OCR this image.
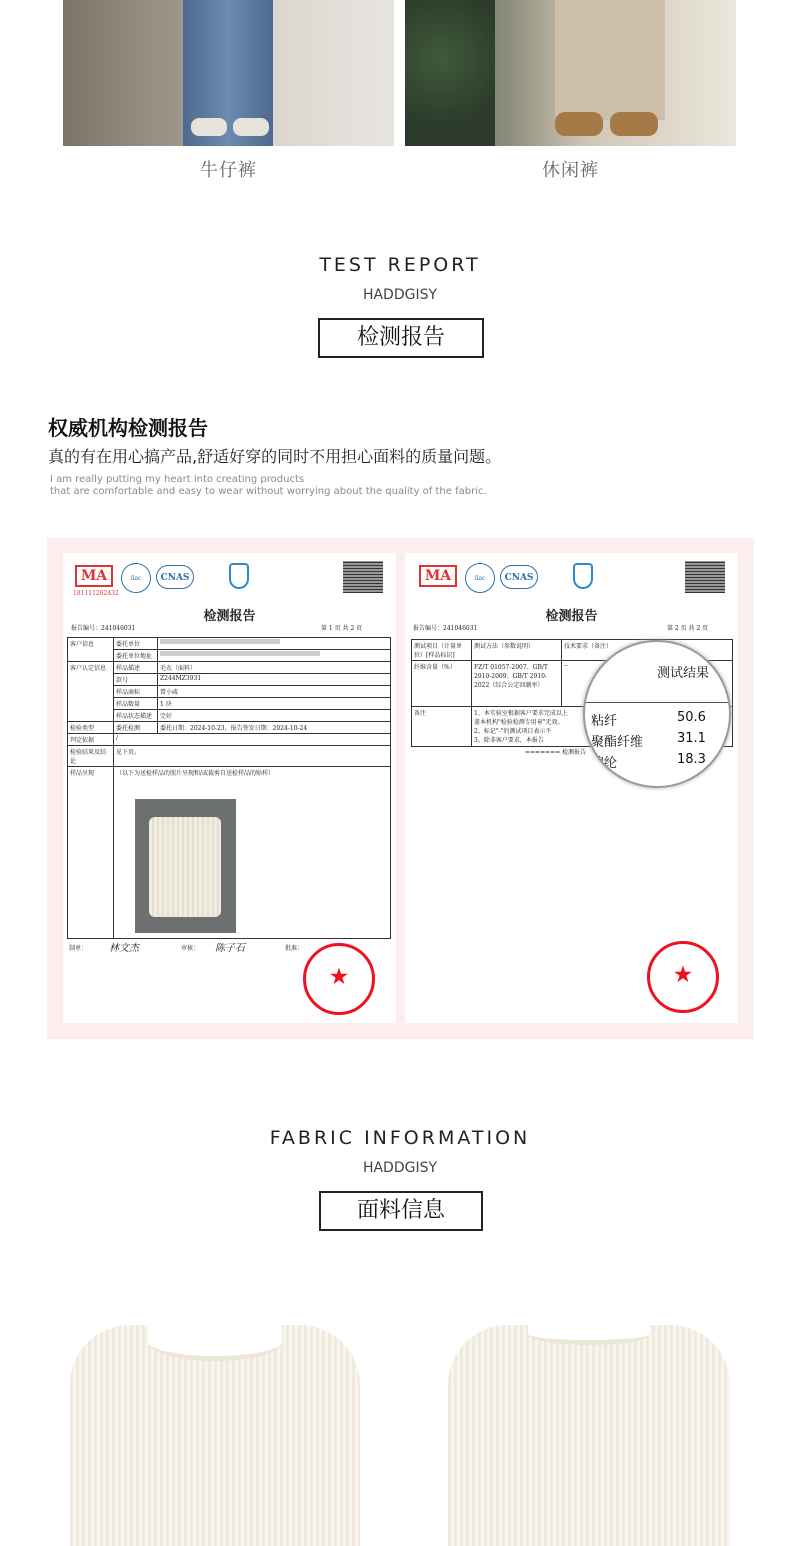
牛仔裤	休闲裤
TEST REPORT
HADDGISY
检测报告
权威机构检测报告
真的有在用心搞产品,舒适好穿的同时不用担心面料的质量问题。
I am really putting my heart into creating products
that are comfortable and easy to wear without worrying about the quality of the fabric.
MA
181111262432
ilac	CNAS
检测报告
报告编号：241046031	第 1 页 共 2 页
客户信息	委托单位	
	委托单位地址	
客户认定信息	样品描述	毛衣（面料）
	款号	Z244MZ3931
	样品商标	曾小咸
	样品数量	1 块
	样品状态描述	完好
检验类型	委托检测	委托日期：2024-10-23，报告签发日期：2024-10-24
判定依据	/	
检验结果及结论	见下页。	
样品呈现	（以下为送检样品的照片呈现和/或裁剪自送检样品的贴样）	
制单： 林文杰	审核： 陈子石	批准：
★
MA	ilac	CNAS
检测报告
报告编号：241046031	第 2 页 共 2 页
测试项目（计量单位）[样品标识]	测试方法（参数说明）	技术要求（备注）	
纤维含量（%）	FZ/T 01057-2007、GB/T 2910-2009、GB/T 2910-2022（综合公定回潮率）	--	
备注	1、本实验室根据客户要求完成以上
盖本机构"检验检测专用章"无效。
2、标记"-"的测试项目表示不
3、除非客户要求，本报告		
======= 检测报告
★
测试结果
粘纤	50.6
聚酯纤维	31.1
锦纶	18.3
FABRIC INFORMATION
HADDGISY
面料信息
